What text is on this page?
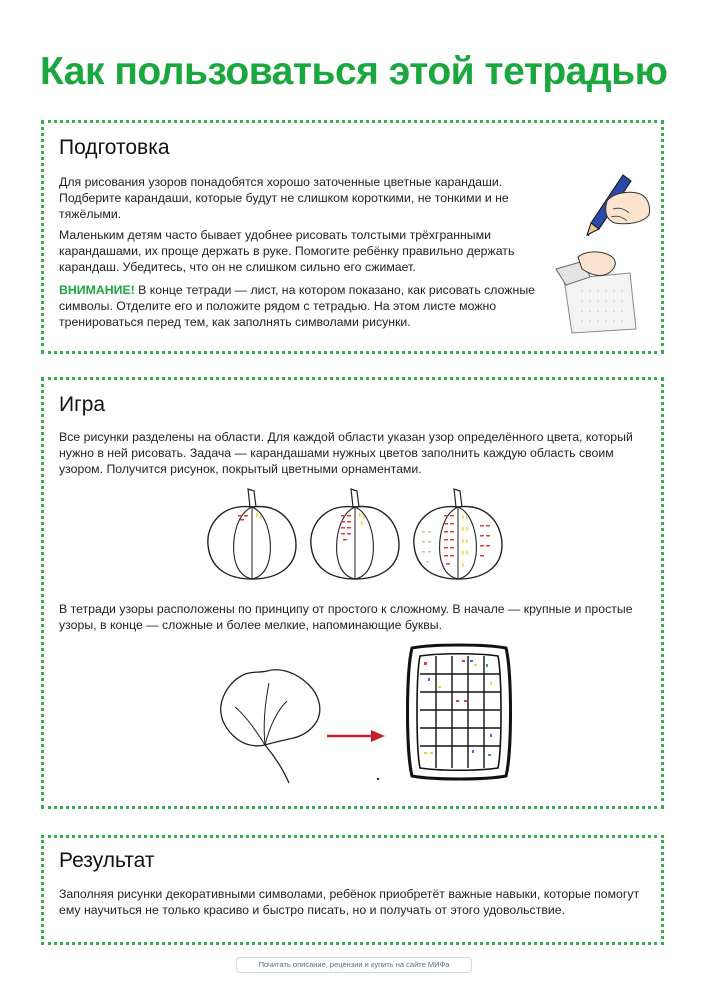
Как пользоваться этой тетрадью
Подготовка

Для рисования узоров понадобятся хорошо заточенные цветные карандаши. Подберите карандаши, которые будут не слишком короткими, не тонкими и не тяжёлыми.

Маленьким детям часто бывает удобнее рисовать толстыми трёхгранными карандашами, их проще держать в руке. Помогите ребёнку правильно держать карандаш. Убедитесь, что он не слишком сильно его сжимает.

ВНИМАНИЕ! В конце тетради — лист, на котором показано, как рисовать сложные символы. Отделите его и положите рядом с тетрадью. На этом листе можно тренироваться перед тем, как заполнять символами рисунки.

Игра

Все рисунки разделены на области. Для каждой области указан узор определённого цвета, который нужно в ней рисовать. Задача — карандашами нужных цветов заполнить каждую область своим узором. Получится рисунок, покрытый цветными орнаментами.

В тетради узоры расположены по принципу от простого к сложному. В начале — крупные и простые узоры, в конце — сложные и более мелкие, напоминающие буквы.

Результат

Заполняя рисунки декоративными символами, ребёнок приобретёт важные навыки, которые помогут ему научиться не только красиво и быстро писать, но и получать от этого удовольствие.

Почитать описание, рецензии и купить на сайте МИФа
